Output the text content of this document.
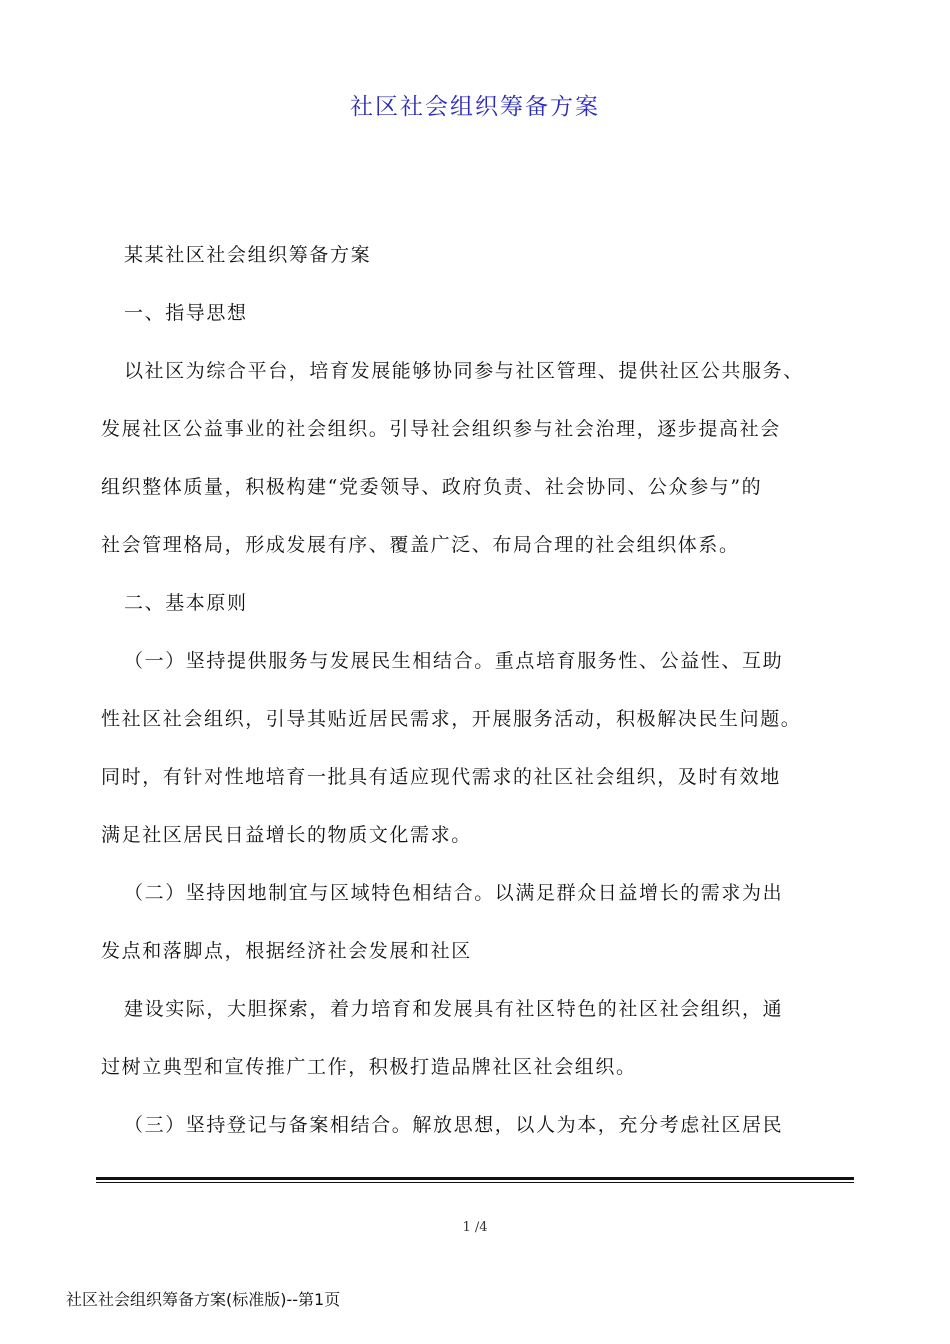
社区社会组织筹备方案

某某社区社会组织筹备方案

一、指导思想

以社区为综合平台，培育发展能够协同参与社区管理、提供社区公共服务、

发展社区公益事业的社会组织。引导社会组织参与社会治理，逐步提高社会

组织整体质量，积极构建“党委领导、政府负责、社会协同、公众参与”的

社会管理格局，形成发展有序、覆盖广泛、布局合理的社会组织体系。

二、基本原则

（一）坚持提供服务与发展民生相结合。重点培育服务性、公益性、互助

性社区社会组织，引导其贴近居民需求，开展服务活动，积极解决民生问题。

同时，有针对性地培育一批具有适应现代需求的社区社会组织，及时有效地

满足社区居民日益增长的物质文化需求。

（二）坚持因地制宜与区域特色相结合。以满足群众日益增长的需求为出

发点和落脚点，根据经济社会发展和社区

建设实际，大胆探索，着力培育和发展具有社区特色的社区社会组织，通

过树立典型和宣传推广工作，积极打造品牌社区社会组织。

（三）坚持登记与备案相结合。解放思想，以人为本，充分考虑社区居民

1 /4
社区社会组织筹备方案(标准版)--第1页
